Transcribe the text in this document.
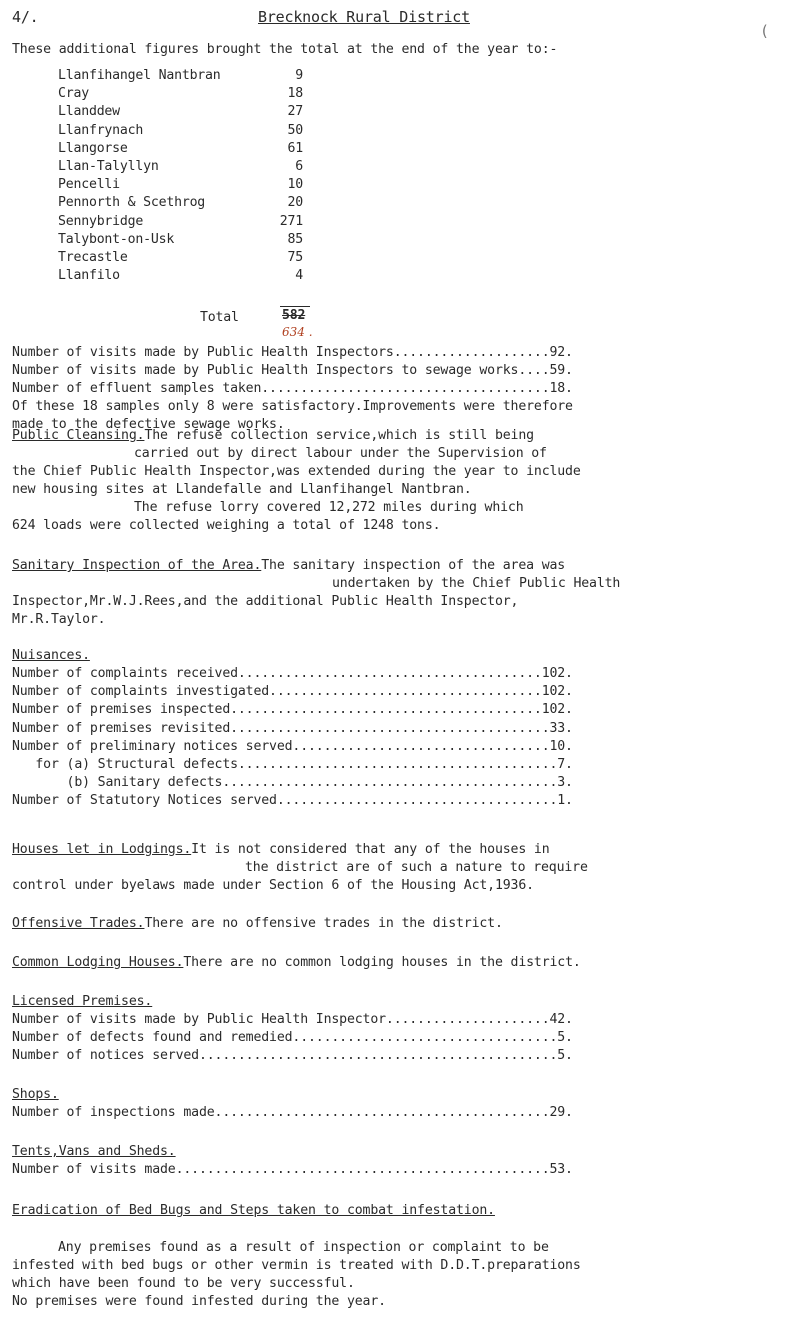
4/.	Brecknock Rural District
(
These additional figures brought the total at the end of the year to:-
Llanfihangel Nantbran	9
Cray	18
Llanddew	27
Llanfrynach	50
Llangorse	61
Llan-Talyllyn	6
Pencelli	10
Pennorth & Scethrog	20
Sennybridge	271
Talybont-on-Usk	85
Trecastle	75
Llanfilo	4
Total	582
634 .
Number of visits made by Public Health Inspectors....................92.
Number of visits made by Public Health Inspectors to sewage works....59.
Number of effluent samples taken.....................................18.
Of these 18 samples only 8 were satisfactory.Improvements were therefore
made to the defective sewage works.
Public Cleansing.The refuse collection service,which is still being
carried out by direct labour under the Supervision of
the Chief Public Health Inspector,was extended during the year to include
new housing sites at Llandefalle and Llanfihangel Nantbran.
The refuse lorry covered 12,272 miles during which
624 loads were collected weighing a total of 1248 tons.
Sanitary Inspection of the Area.The sanitary inspection of the area was
undertaken by the Chief Public Health
Inspector,Mr.W.J.Rees,and the additional Public Health Inspector,
Mr.R.Taylor.
Nuisances.
Number of complaints received.......................................102.
Number of complaints investigated...................................102.
Number of premises inspected........................................102.
Number of premises revisited.........................................33.
Number of preliminary notices served.................................10.
for (a) Structural defects.........................................7.
(b) Sanitary defects...........................................3.
Number of Statutory Notices served....................................1.
Houses let in Lodgings.It is not considered that any of the houses in
the district are of such a nature to require
control under byelaws made under Section 6 of the Housing Act,1936.
Offensive Trades.There are no offensive trades in the district.
Common Lodging Houses.There are no common lodging houses in the district.
Licensed Premises.
Number of visits made by Public Health Inspector.....................42.
Number of defects found and remedied..................................5.
Number of notices served..............................................5.
Shops.
Number of inspections made...........................................29.
Tents,Vans and Sheds.
Number of visits made................................................53.
Eradication of Bed Bugs and Steps taken to combat infestation.
Any premises found as a result of inspection or complaint to be
infested with bed bugs or other vermin is treated with D.D.T.preparations
which have been found to be very successful.
No premises were found infested during the year.
